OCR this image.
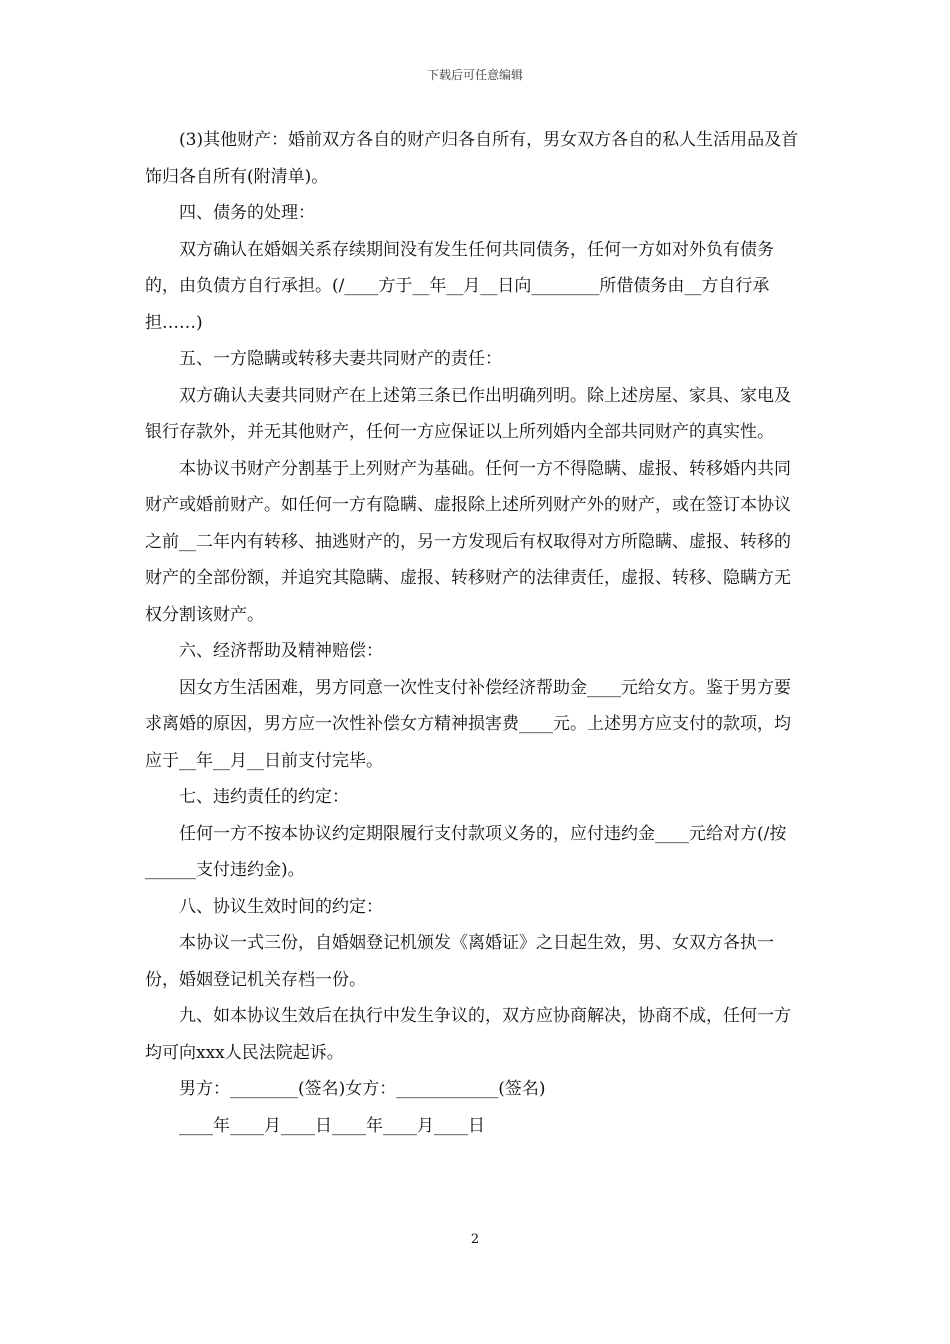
下载后可任意编辑

(3)其他财产：婚前双方各自的财产归各自所有，男女双方各自的私人生活用品及首饰归各自所有(附清单)。

四、债务的处理：

双方确认在婚姻关系存续期间没有发生任何共同债务，任何一方如对外负有债务的，由负债方自行承担。(/____方于__年__月__日向________所借债务由__方自行承担……)

五、一方隐瞒或转移夫妻共同财产的责任：

双方确认夫妻共同财产在上述第三条已作出明确列明。除上述房屋、家具、家电及银行存款外，并无其他财产，任何一方应保证以上所列婚内全部共同财产的真实性。

本协议书财产分割基于上列财产为基础。任何一方不得隐瞒、虚报、转移婚内共同财产或婚前财产。如任何一方有隐瞒、虚报除上述所列财产外的财产，或在签订本协议之前__二年内有转移、抽逃财产的，另一方发现后有权取得对方所隐瞒、虚报、转移的财产的全部份额，并追究其隐瞒、虚报、转移财产的法律责任，虚报、转移、隐瞒方无权分割该财产。

六、经济帮助及精神赔偿：

因女方生活困难，男方同意一次性支付补偿经济帮助金____元给女方。鉴于男方要求离婚的原因，男方应一次性补偿女方精神损害费____元。上述男方应支付的款项，均应于__年__月__日前支付完毕。

七、违约责任的约定：

任何一方不按本协议约定期限履行支付款项义务的，应付违约金____元给对方(/按______支付违约金)。

八、协议生效时间的约定：

本协议一式三份，自婚姻登记机颁发《离婚证》之日起生效，男、女双方各执一份，婚姻登记机关存档一份。

九、如本协议生效后在执行中发生争议的，双方应协商解决，协商不成，任何一方均可向xxx人民法院起诉。

男方：________(签名)女方：____________(签名)
____年____月____日____年____月____日
2
